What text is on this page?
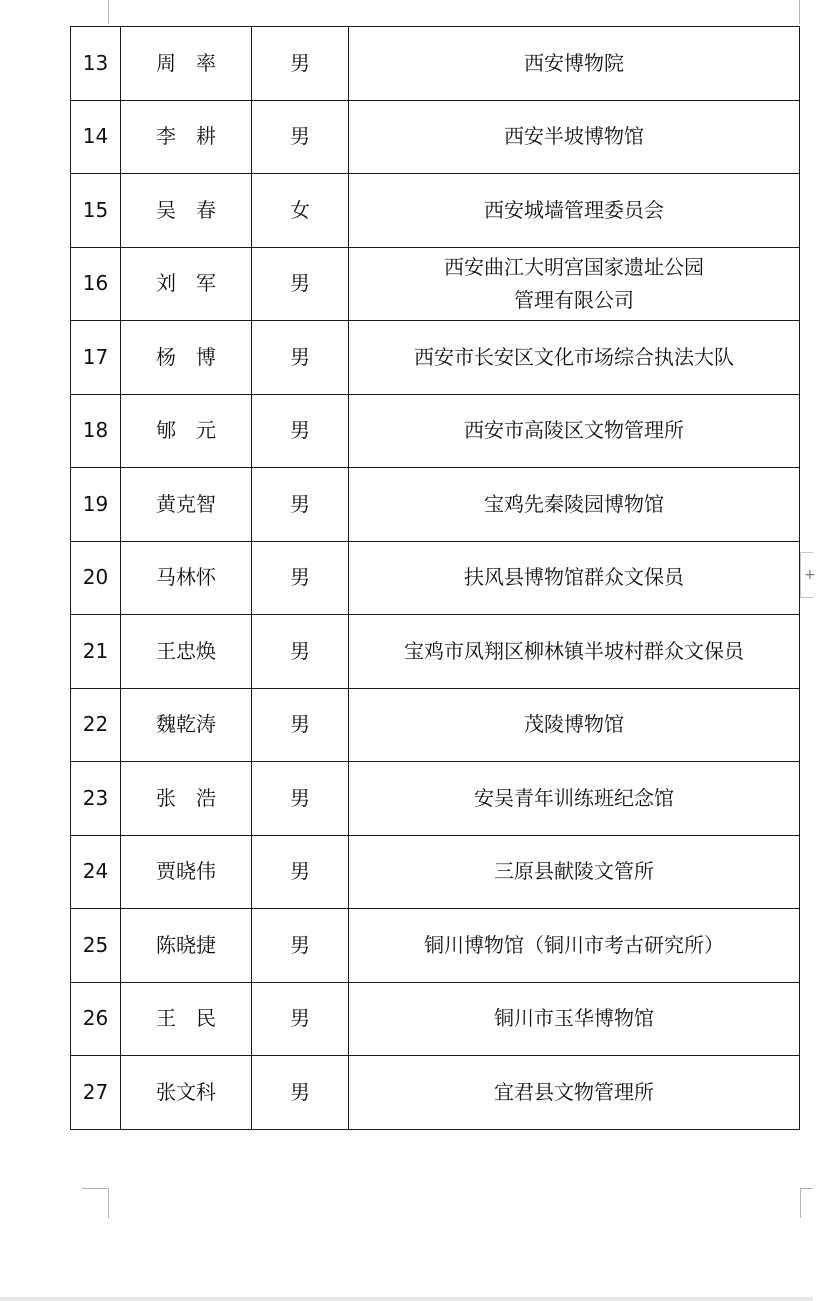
+
13	周　率	男	西安博物院

14	李　耕	男	西安半坡博物馆

15	吴　春	女	西安城墙管理委员会

16	刘　军	男	西安曲江大明宫国家遗址公园
管理有限公司

17	杨　博	男	西安市长安区文化市场综合执法大队

18	郇　元	男	西安市高陵区文物管理所

19	黄克智	男	宝鸡先秦陵园博物馆

20	马林怀	男	扶风县博物馆群众文保员

21	王忠焕	男	宝鸡市凤翔区柳林镇半坡村群众文保员

22	魏乾涛	男	茂陵博物馆

23	张　浩	男	安吴青年训练班纪念馆

24	贾晓伟	男	三原县献陵文管所

25	陈晓捷	男	铜川博物馆（铜川市考古研究所）

26	王　民	男	铜川市玉华博物馆

27	张文科	男	宜君县文物管理所
